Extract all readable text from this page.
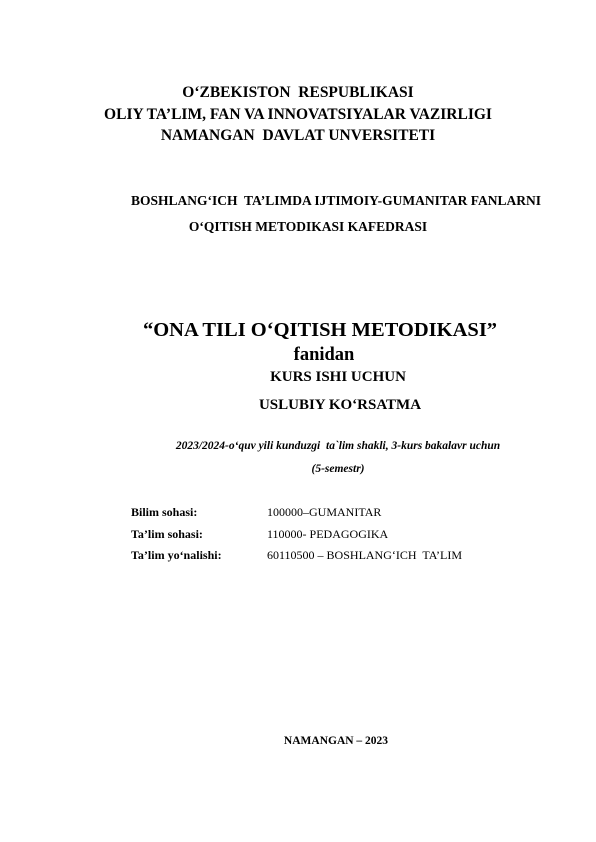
O‘ZBEKISTON  RESPUBLIKASI
OLIY TA’LIM, FAN VA INNOVATSIYALAR VAZIRLIGI
NAMANGAN  DAVLAT UNVERSITETI
BOSHLANG‘ICH  TA’LIMDA IJTIMOIY-GUMANITAR FANLARNI
O‘QITISH METODIKASI KAFEDRASI
“ONA TILI O‘QITISH METODIKASI”
fanidan
KURS ISHI UCHUN
USLUBIY KO‘RSATMA
2023/2024-o‘quv yili kunduzgi  ta`lim shakli, 3-kurs bakalavr uchun
(5-semestr)
Bilim sohasi:	100000–GUMANITAR
Ta’lim sohasi:	110000- PEDAGOGIKA
Ta’lim yo‘nalishi:	60110500 – BOSHLANG‘ICH  TA’LIM
NAMANGAN – 2023
